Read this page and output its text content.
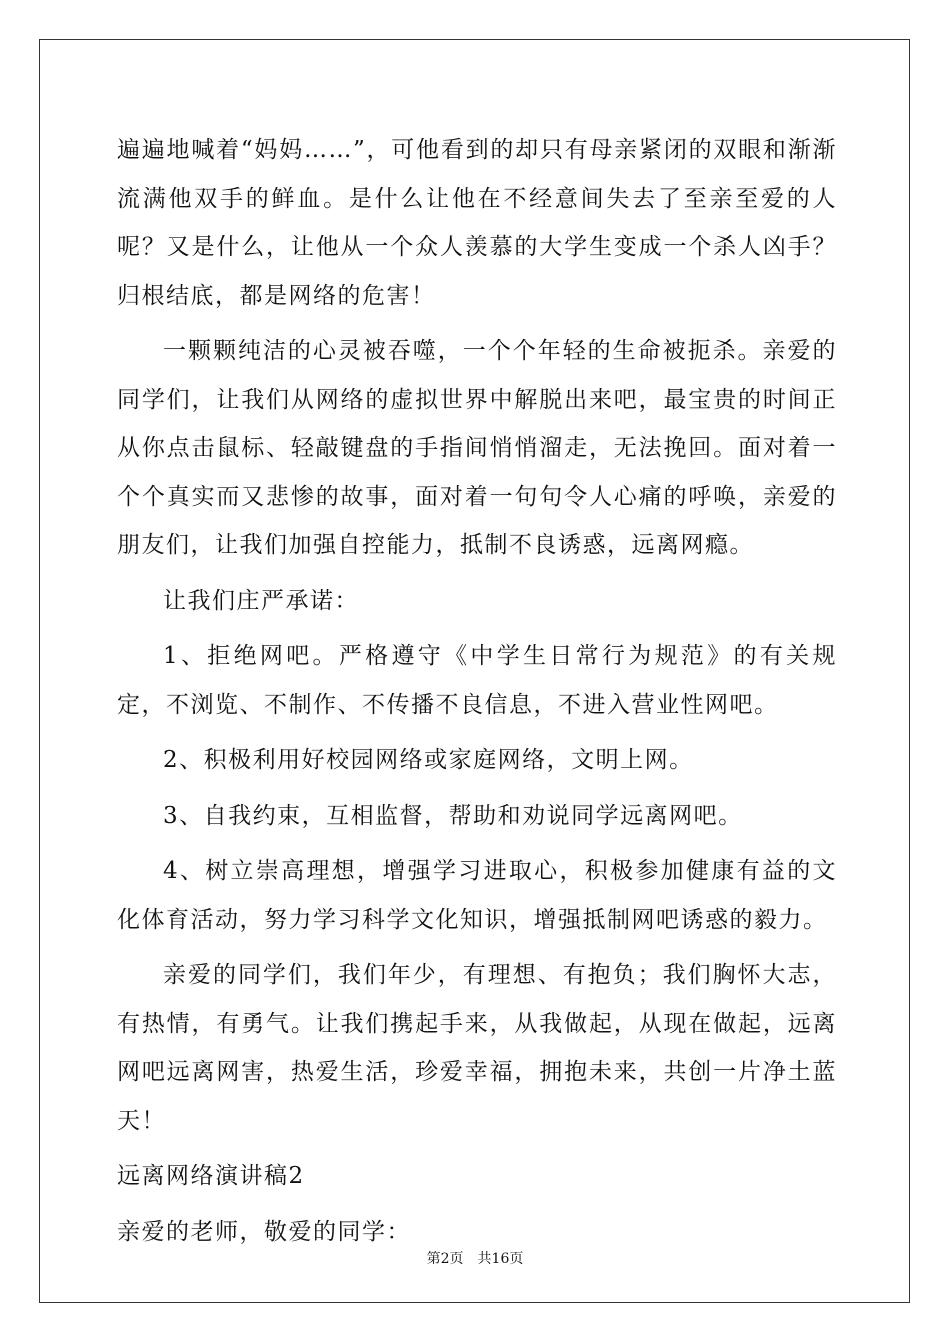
遍遍地喊着“妈妈……”，可他看到的却只有母亲紧闭的双眼和渐渐流满他双手的鲜血。是什么让他在不经意间失去了至亲至爱的人呢？又是什么，让他从一个众人羡慕的大学生变成一个杀人凶手？归根结底，都是网络的危害！

一颗颗纯洁的心灵被吞噬，一个个年轻的生命被扼杀。亲爱的同学们，让我们从网络的虚拟世界中解脱出来吧，最宝贵的时间正从你点击鼠标、轻敲键盘的手指间悄悄溜走，无法挽回。面对着一个个真实而又悲惨的故事，面对着一句句令人心痛的呼唤，亲爱的朋友们，让我们加强自控能力，抵制不良诱惑，远离网瘾。

让我们庄严承诺：

1、拒绝网吧。严格遵守《中学生日常行为规范》的有关规定，不浏览、不制作、不传播不良信息，不进入营业性网吧。

2、积极利用好校园网络或家庭网络，文明上网。

3、自我约束，互相监督，帮助和劝说同学远离网吧。

4、树立崇高理想，增强学习进取心，积极参加健康有益的文化体育活动，努力学习科学文化知识，增强抵制网吧诱惑的毅力。

亲爱的同学们，我们年少，有理想、有抱负；我们胸怀大志，有热情，有勇气。让我们携起手来，从我做起，从现在做起，远离网吧远离网害，热爱生活，珍爱幸福，拥抱未来，共创一片净土蓝天！

远离网络演讲稿2

亲爱的老师，敬爱的同学：

第2页　共16页
